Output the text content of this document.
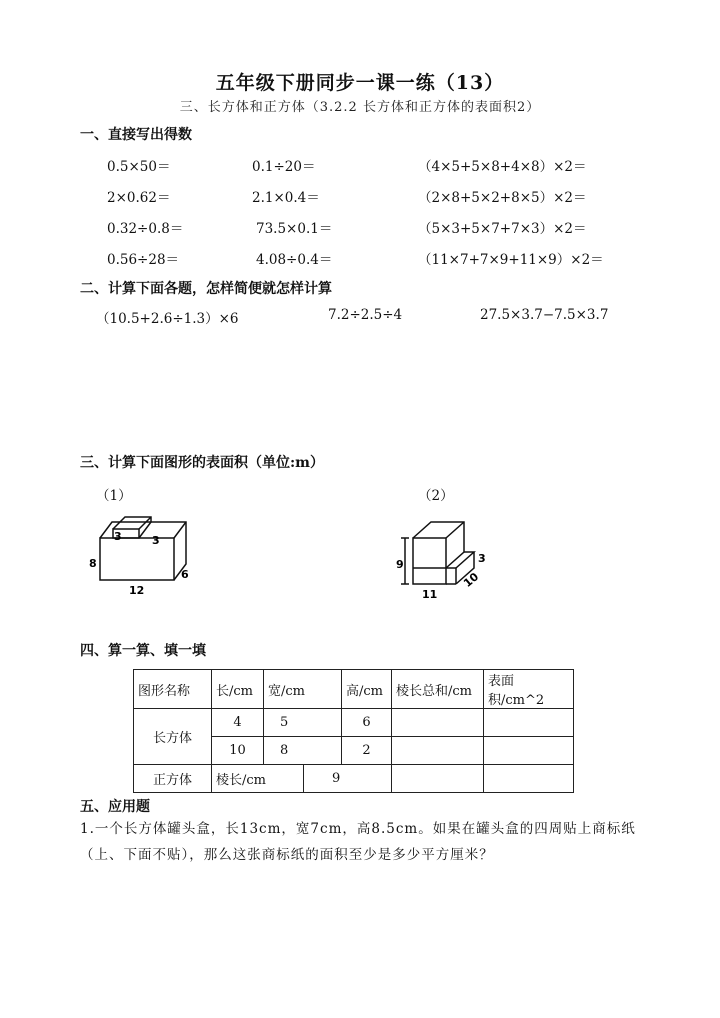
五年级下册同步一课一练（13）
三、长方体和正方体（3.2.2 长方体和正方体的表面积2）
一、直接写出得数
0.5×50＝	0.1÷20＝	（4×5+5×8+4×8）×2＝
2×0.62＝	2.1×0.4＝	（2×8+5×2+8×5）×2＝
0.32÷0.8＝	73.5×0.1＝	（5×3+5×7+7×3）×2＝
0.56÷28＝	4.08÷0.4＝	（11×7+7×9+11×9）×2＝
二、计算下面各题，怎样简便就怎样计算
（10.5+2.6÷1.3）×6	7.2÷2.5÷4	27.5×3.7−7.5×3.7
三、计算下面图形的表面积（单位:m）
（1）	（2）
3	3
8
6
12
9	3
10
11
四、算一算、填一填
图形名称	长/cm	宽/cm		高/cm	棱长总和/cm	表面积/cm^2
长方体	4	5		6		
	10	8		2		
正方体	棱长/cm		9			
五、应用题
1.一个长方体罐头盒，长13cm，宽7cm，高8.5cm。如果在罐头盒的四周贴上商标纸（上、下面不贴），那么这张商标纸的面积至少是多少平方厘米？
